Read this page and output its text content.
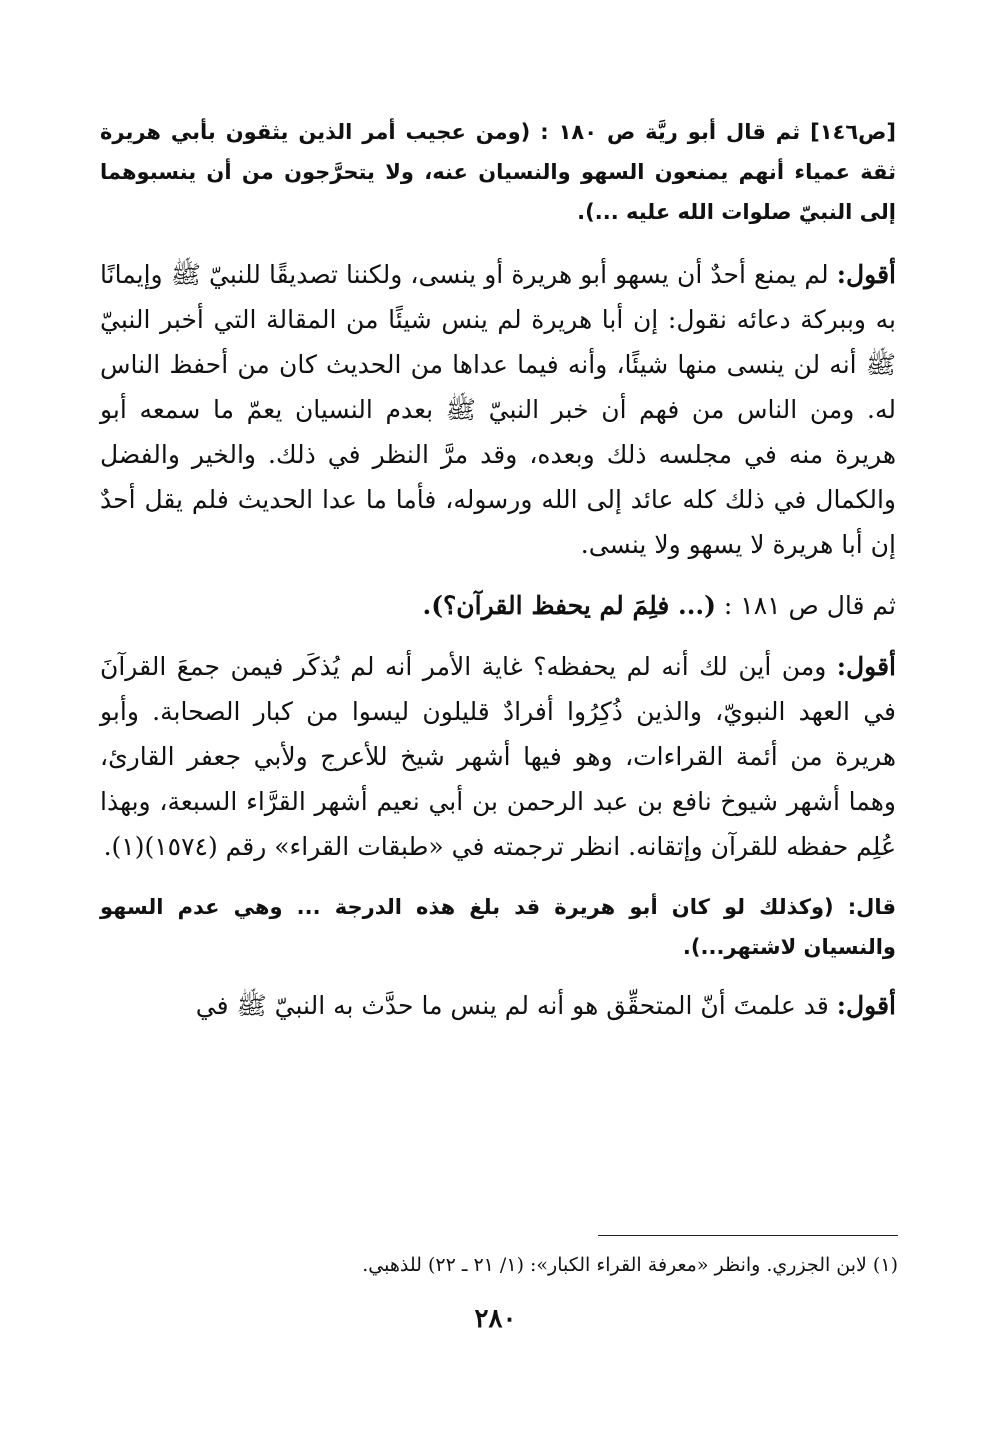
[ص١٤٦] ثم قال أبو ريَّة ص ١٨٠ : (ومن عجيب أمر الذين يثقون بأبي هريرة ثقة عمياء أنهم يمنعون السهو والنسيان عنه، ولا يتحرَّجون من أن ينسبوهما إلى النبيّ صلوات الله عليه ...).

أقول: لم يمنع أحدٌ أن يسهو أبو هريرة أو ينسى، ولكننا تصديقًا للنبيّ ﷺ وإيمانًا به وببركة دعائه نقول: إن أبا هريرة لم ينس شيئًا من المقالة التي أخبر النبيّ ﷺ أنه لن ينسى منها شيئًا، وأنه فيما عداها من الحديث كان من أحفظ الناس له. ومن الناس من فهم أن خبر النبيّ ﷺ بعدم النسيان يعمّ ما سمعه أبو هريرة منه في مجلسه ذلك وبعده، وقد مرَّ النظر في ذلك. والخير والفضل والكمال في ذلك كله عائد إلى الله ورسوله، فأما ما عدا الحديث فلم يقل أحدٌ إن أبا هريرة لا يسهو ولا ينسى.

ثم قال ص ١٨١ : (... فلِمَ لم يحفظ القرآن؟).

أقول: ومن أين لك أنه لم يحفظه؟ غاية الأمر أنه لم يُذكَر فيمن جمعَ القرآنَ في العهد النبويّ، والذين ذُكِرُوا أفرادٌ قليلون ليسوا من كبار الصحابة. وأبو هريرة من أئمة القراءات، وهو فيها أشهر شيخ للأعرج ولأبي جعفر القارئ، وهما أشهر شيوخ نافع بن عبد الرحمن بن أبي نعيم أشهر القرَّاء السبعة، وبهذا عُلِم حفظه للقرآن وإتقانه. انظر ترجمته في «طبقات القراء» رقم (١٥٧٤)(١).

قال: (وكذلك لو كان أبو هريرة قد بلغ هذه الدرجة ... وهي عدم السهو والنسيان لاشتهر...).

أقول: قد علمتَ أنّ المتحقِّق هو أنه لم ينس ما حدَّث به النبيّ ﷺ في

(١) لابن الجزري. وانظر «معرفة القراء الكبار»: (١/ ٢١ ـ ٢٢) للذهبي.

٢٨٠
